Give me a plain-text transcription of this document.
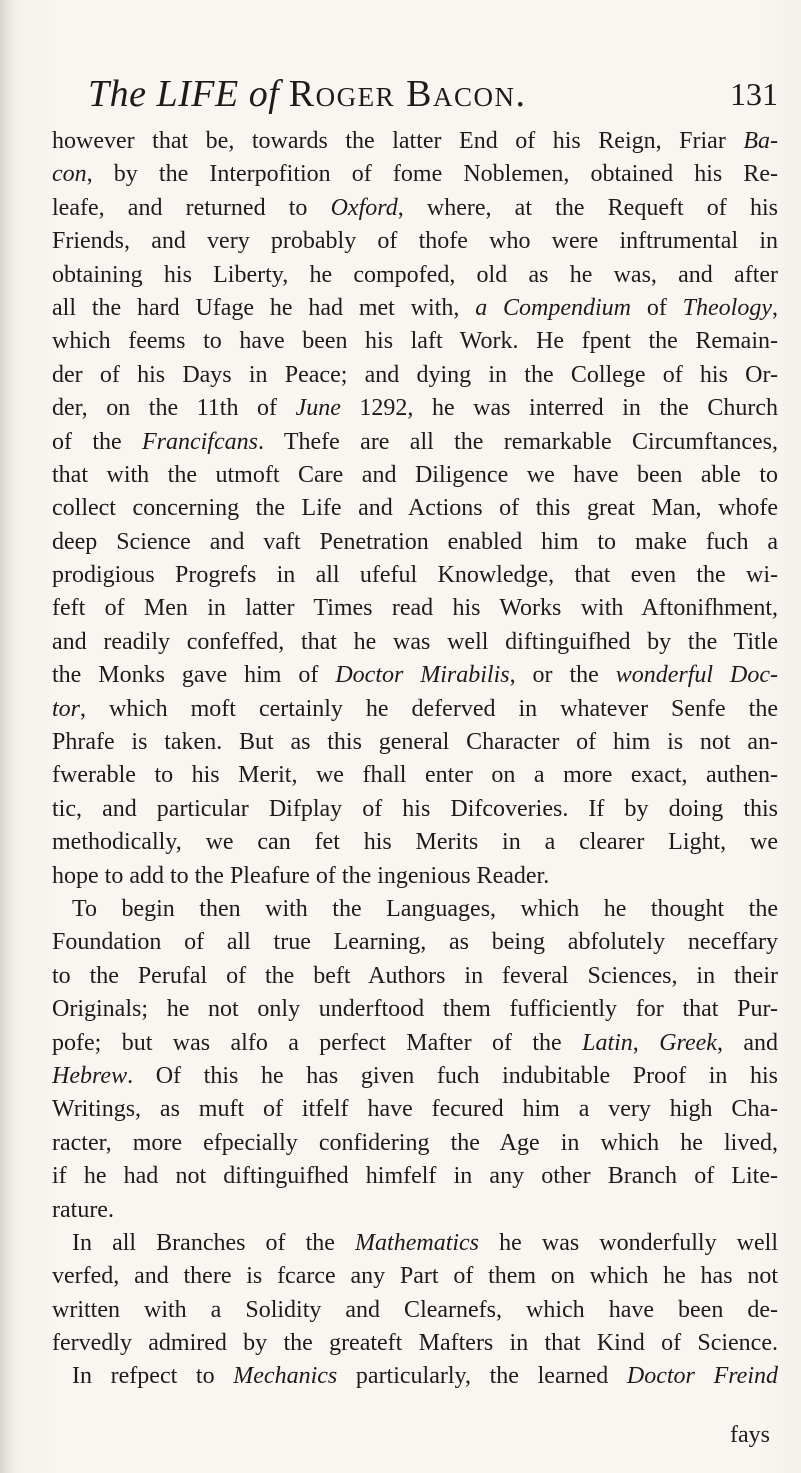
The LIFE of Roger Bacon.	131
however that be, towards the latter End of his Reign, Friar Ba-
con, by the Interpofition of fome Noblemen, obtained his Re-
leafe, and returned to Oxford, where, at the Requeft of his
Friends, and very probably of thofe who were inftrumental in
obtaining his Liberty, he compofed, old as he was, and after
all the hard Ufage he had met with, a Compendium of Theology,
which feems to have been his laft Work. He fpent the Remain-
der of his Days in Peace; and dying in the College of his Or-
der, on the 11th of June 1292, he was interred in the Church
of the Francifcans. Thefe are all the remarkable Circumftances,
that with the utmoft Care and Diligence we have been able to
collect concerning the Life and Actions of this great Man, whofe
deep Science and vaft Penetration enabled him to make fuch a
prodigious Progrefs in all ufeful Knowledge, that even the wi-
feft of Men in latter Times read his Works with Aftonifhment,
and readily confeffed, that he was well diftinguifhed by the Title
the Monks gave him of Doctor Mirabilis, or the wonderful Doc-
tor, which moft certainly he deferved in whatever Senfe the
Phrafe is taken. But as this general Character of him is not an-
fwerable to his Merit, we fhall enter on a more exact, authen-
tic, and particular Difplay of his Difcoveries. If by doing this
methodically, we can fet his Merits in a clearer Light, we
hope to add to the Pleafure of the ingenious Reader.
To begin then with the Languages, which he thought the
Foundation of all true Learning, as being abfolutely neceffary
to the Perufal of the beft Authors in feveral Sciences, in their
Originals; he not only underftood them fufficiently for that Pur-
pofe; but was alfo a perfect Mafter of the Latin, Greek, and
Hebrew. Of this he has given fuch indubitable Proof in his
Writings, as muft of itfelf have fecured him a very high Cha-
racter, more efpecially confidering the Age in which he lived,
if he had not diftinguifhed himfelf in any other Branch of Lite-
rature.
In all Branches of the Mathematics he was wonderfully well
verfed, and there is fcarce any Part of them on which he has not
written with a Solidity and Clearnefs, which have been de-
fervedly admired by the greateft Mafters in that Kind of Science.
In refpect to Mechanics particularly, the learned Doctor Freind
fays
